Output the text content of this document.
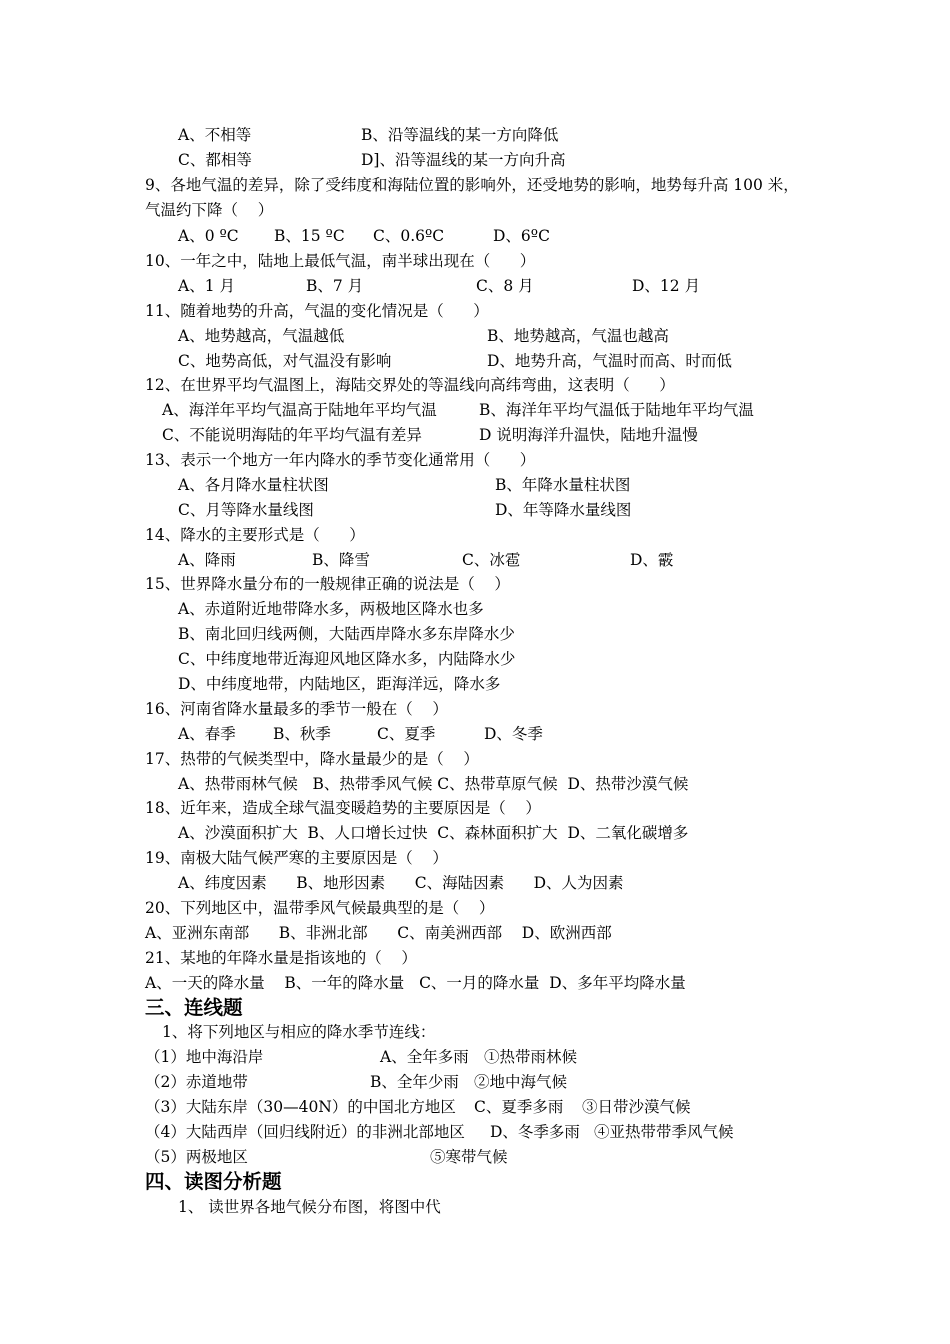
A、不相等	B、沿等温线的某一方向降低
C、都相等	D]、沿等温线的某一方向升高
9、各地气温的差异，除了受纬度和海陆位置的影响外，还受地势的影响，地势每升高 100 米，
气温约下降（    ）
A、0 ºC B、15 ºC C、0.6ºC	D、6ºC
10、一年之中，陆地上最低气温，南半球出现在（      ）
A、1 月	B、7 月	C、8 月	D、12 月
11、随着地势的升高，气温的变化情况是（      ）
A、地势越高，气温越低	B、地势越高，气温也越高
C、地势高低，对气温没有影响	D、地势升高，气温时而高、时而低
12、在世界平均气温图上，海陆交界处的等温线向高纬弯曲，这表明（      ）
A、海洋年平均气温高于陆地年平均气温	B、海洋年平均气温低于陆地年平均气温
C、不能说明海陆的年平均气温有差异	D 说明海洋升温快，陆地升温慢
13、表示一个地方一年内降水的季节变化通常用（      ）
A、各月降水量柱状图	B、年降水量柱状图
C、月等降水量线图	D、年等降水量线图
14、降水的主要形式是（      ）
A、降雨	B、降雪	C、冰雹	D、霰
15、世界降水量分布的一般规律正确的说法是（    ）
A、赤道附近地带降水多，两极地区降水也多
B、南北回归线两侧，大陆西岸降水多东岸降水少
C、中纬度地带近海迎风地区降水多，内陆降水少
D、中纬度地带，内陆地区，距海洋远，降水多
16、河南省降水量最多的季节一般在（    ）
A、春季 B、秋季	C、夏季	D、冬季
17、热带的气候类型中，降水量最少的是（    ）
A、热带雨林气候   B、热带季风气候 C、热带草原气候  D、热带沙漠气候
18、近年来，造成全球气温变暖趋势的主要原因是（    ）
A、沙漠面积扩大  B、人口增长过快  C、森林面积扩大  D、二氧化碳增多
19、南极大陆气候严寒的主要原因是（    ）
A、纬度因素      B、地形因素      C、海陆因素      D、人为因素
20、下列地区中，温带季风气候最典型的是（    ）
A、亚洲东南部      B、非洲北部      C、南美洲西部    D、欧洲西部
21、某地的年降水量是指该地的（    ）
A、一天的降水量    B、一年的降水量   C、一月的降水量  D、多年平均降水量
三、连线题
1、将下列地区与相应的降水季节连线：
（1）地中海沿岸	A、全年多雨 ①热带雨林候
（2）赤道地带	B、全年少雨 ②地中海气候
（3）大陆东岸（30—40N）的中国北方地区 C、夏季多雨 ③日带沙漠气候
（4）大陆西岸（回归线附近）的非洲北部地区 D、冬季多雨 ④亚热带带季风气候
（5）两极地区	⑤寒带气候
四、读图分析题
1、 读世界各地气候分布图，将图中代
